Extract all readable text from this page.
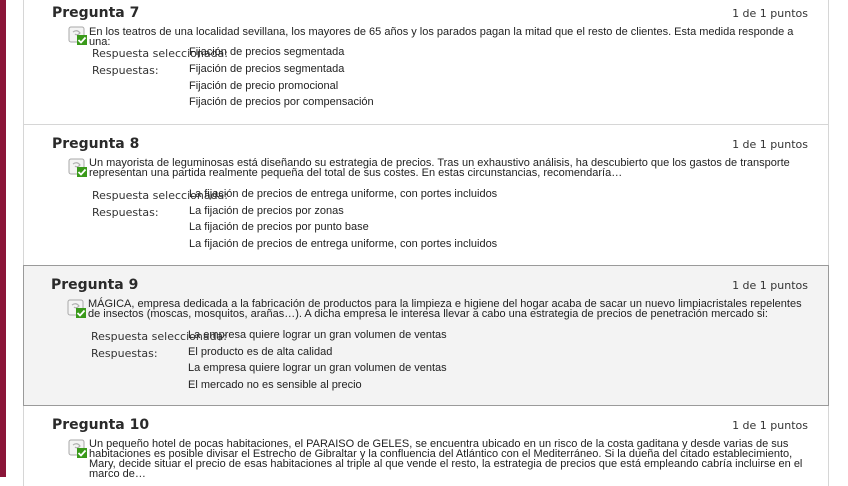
Pregunta 7	1 de 1 puntos
En los teatros de una localidad sevillana, los mayores de 65 años y los parados pagan la mitad que el resto de clientes. Esta medida responde a una:
Respuesta seleccionada:
Fijación de precios segmentada
Respuestas:	Fijación de precios segmentada
Fijación de precio promocional
Fijación de precios por compensación
Pregunta 8	1 de 1 puntos
Un mayorista de leguminosas está diseñando su estrategia de precios. Tras un exhaustivo análisis, ha descubierto que los gastos de transporte representan una partida realmente pequeña del total de sus costes. En estas circunstancias, recomendaría…
Respuesta seleccionada:
La fijación de precios de entrega uniforme, con portes incluidos
Respuestas:	La fijación de precios por zonas
La fijación de precios por punto base
La fijación de precios de entrega uniforme, con portes incluidos
Pregunta 9	1 de 1 puntos
MÁGICA, empresa dedicada a la fabricación de productos para la limpieza e higiene del hogar acaba de sacar un nuevo limpiacristales repelentes de insectos (moscas, mosquitos, arañas…). A dicha empresa le interesa llevar a cabo una estrategia de precios de penetración mercado si:
Respuesta seleccionada:
La empresa quiere lograr un gran volumen de ventas
Respuestas:	El producto es de alta calidad
La empresa quiere lograr un gran volumen de ventas
El mercado no es sensible al precio
Pregunta 10	1 de 1 puntos
Un pequeño hotel de pocas habitaciones, el PARAISO de GELES, se encuentra ubicado en un risco de la costa gaditana y desde varias de sus habitaciones es posible divisar el Estrecho de Gibraltar y la confluencia del Atlántico con el Mediterráneo. Si la dueña del citado establecimiento, Mary, decide situar el precio de esas habitaciones al triple al que vende el resto, la estrategia de precios que está empleando cabría incluirse en el marco de…
